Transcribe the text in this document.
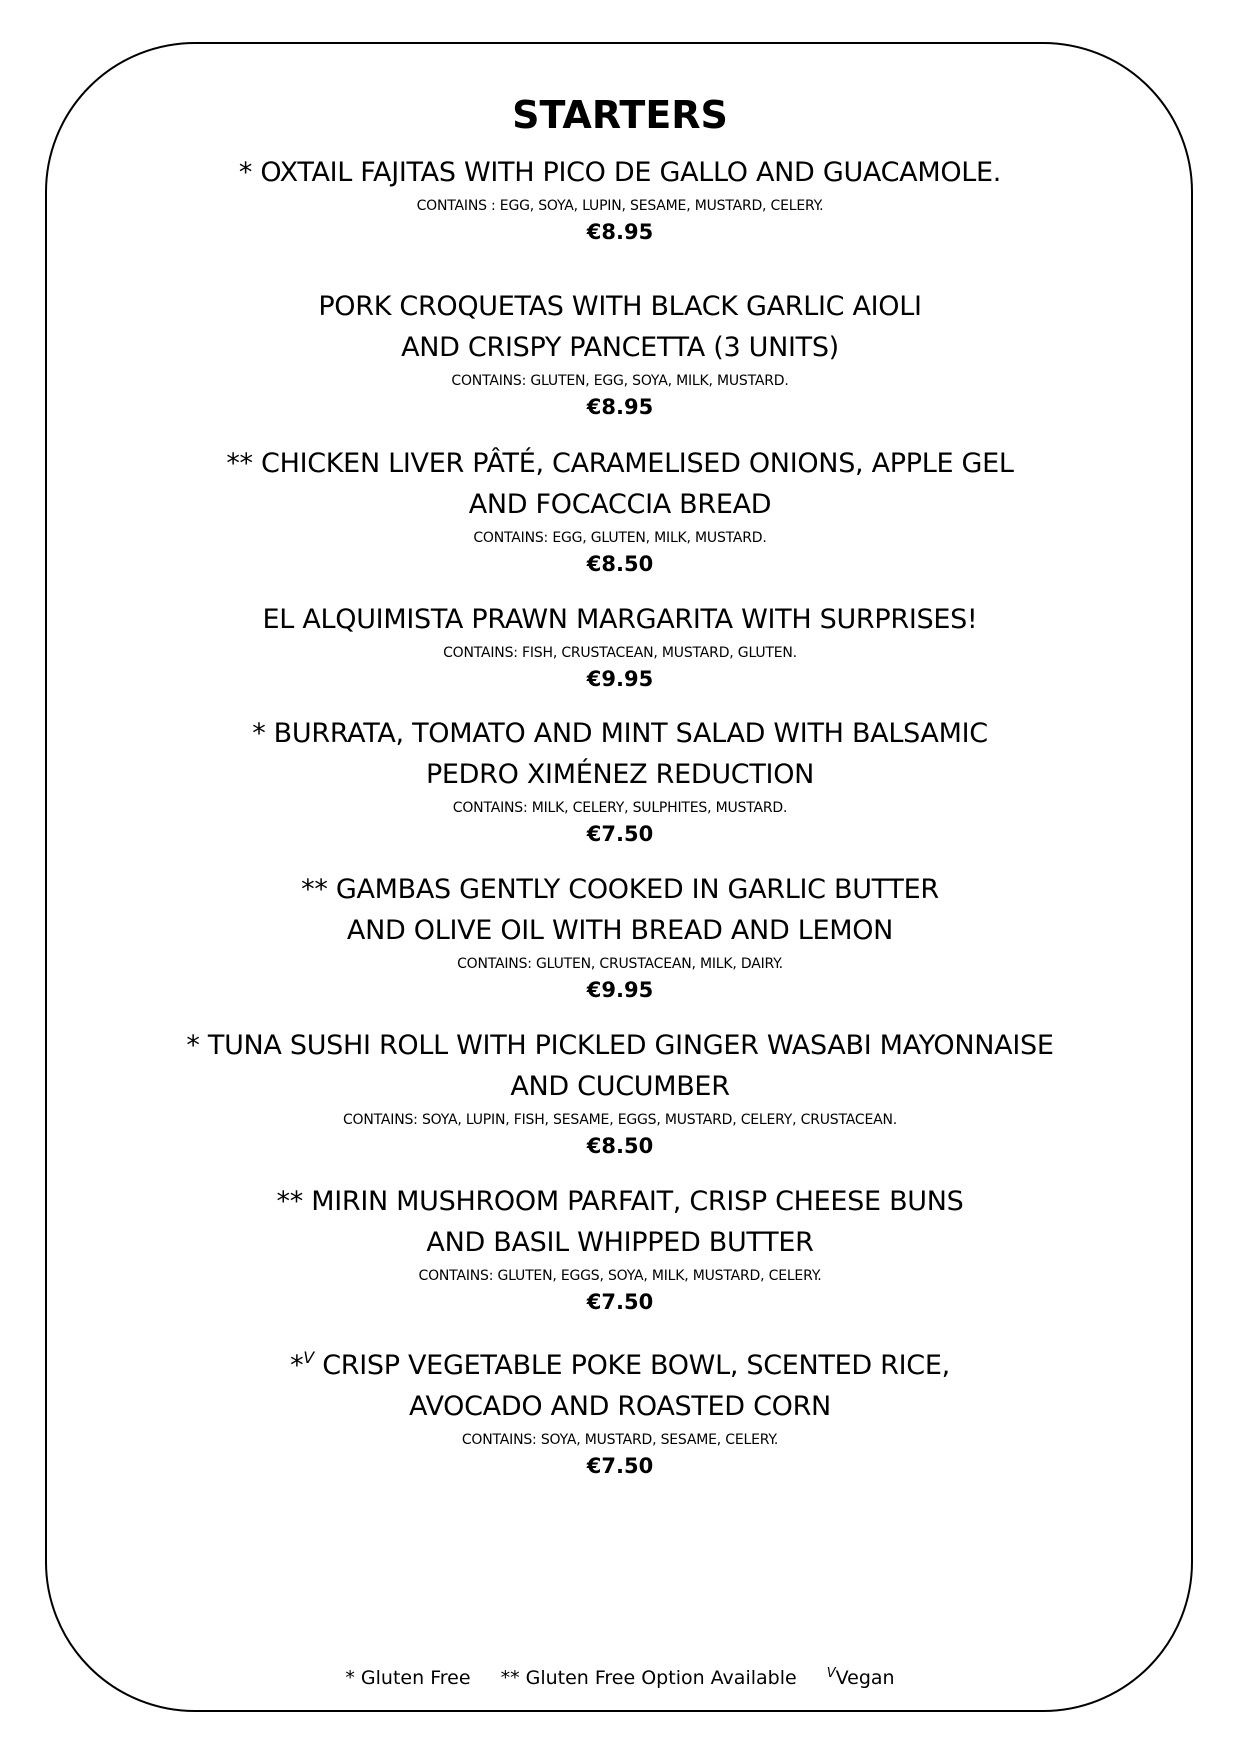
STARTERS

* OXTAIL FAJITAS WITH PICO DE GALLO AND GUACAMOLE.

CONTAINS : EGG, SOYA, LUPIN, SESAME, MUSTARD, CELERY.

€8.95

PORK CROQUETAS WITH BLACK GARLIC AIOLI
AND CRISPY PANCETTA (3 UNITS)

CONTAINS: GLUTEN, EGG, SOYA, MILK, MUSTARD.

€8.95

** CHICKEN LIVER PÂTÉ, CARAMELISED ONIONS, APPLE GEL
AND FOCACCIA BREAD

CONTAINS: EGG, GLUTEN, MILK, MUSTARD.

€8.50

EL ALQUIMISTA PRAWN MARGARITA WITH SURPRISES!

CONTAINS: FISH, CRUSTACEAN, MUSTARD, GLUTEN.

€9.95

* BURRATA, TOMATO AND MINT SALAD WITH BALSAMIC
PEDRO XIMÉNEZ REDUCTION

CONTAINS: MILK, CELERY, SULPHITES, MUSTARD.

€7.50

** GAMBAS GENTLY COOKED IN GARLIC BUTTER
AND OLIVE OIL WITH BREAD AND LEMON

CONTAINS: GLUTEN, CRUSTACEAN, MILK, DAIRY.

€9.95

* TUNA SUSHI ROLL WITH PICKLED GINGER WASABI MAYONNAISE
AND CUCUMBER

CONTAINS: SOYA, LUPIN, FISH, SESAME, EGGS, MUSTARD, CELERY, CRUSTACEAN.

€8.50

** MIRIN MUSHROOM PARFAIT, CRISP CHEESE BUNS
AND BASIL WHIPPED BUTTER

CONTAINS: GLUTEN, EGGS, SOYA, MILK, MUSTARD, CELERY.

€7.50

*$^V$ CRISP VEGETABLE POKE BOWL, SCENTED RICE,
AVOCADO AND ROASTED CORN

CONTAINS: SOYA, MUSTARD, SESAME, CELERY.

€7.50

* Gluten Free ** Gluten Free Option Available $^V$Vegan
